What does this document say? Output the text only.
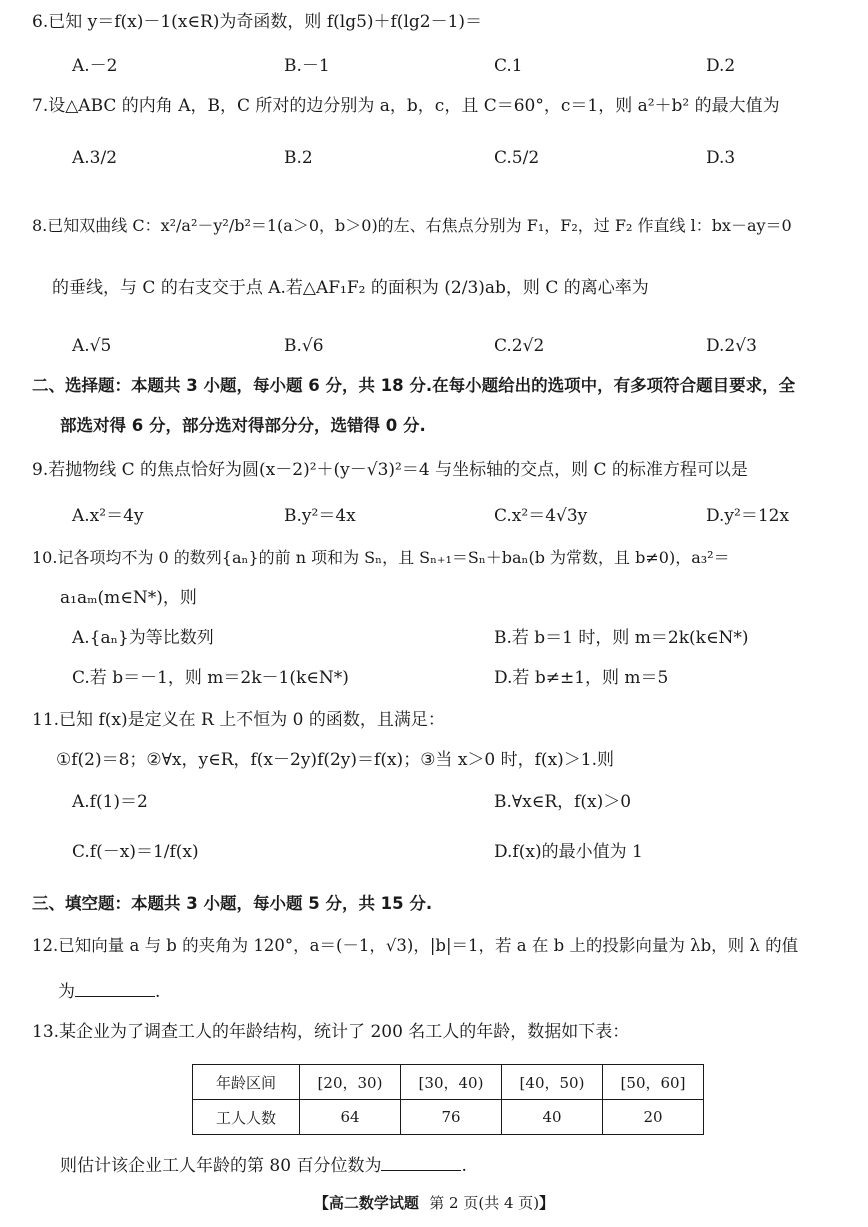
6.已知 y＝f(x)－1(x∈R)为奇函数，则 f(lg5)＋f(lg2－1)＝
A.－2	B.－1	C.1	D.2
7.设△ABC 的内角 A，B，C 所对的边分别为 a，b，c，且 C＝60°，c＝1，则 a²＋b² 的最大值为
A.3/2	B.2	C.5/2	D.3
8.已知双曲线 C：x²/a²－y²/b²＝1(a＞0，b＞0)的左、右焦点分别为 F₁，F₂，过 F₂ 作直线 l：bx－ay＝0
的垂线，与 C 的右支交于点 A.若△AF₁F₂ 的面积为 (2/3)ab，则 C 的离心率为
A.√5	B.√6	C.2√2	D.2√3
二、选择题：本题共 3 小题，每小题 6 分，共 18 分.在每小题给出的选项中，有多项符合题目要求，全
部选对得 6 分，部分选对得部分分，选错得 0 分.
9.若抛物线 C 的焦点恰好为圆(x－2)²＋(y－√3)²＝4 与坐标轴的交点，则 C 的标准方程可以是
A.x²＝4y	B.y²＝4x	C.x²＝4√3y	D.y²＝12x
10.记各项均不为 0 的数列{aₙ}的前 n 项和为 Sₙ，且 Sₙ₊₁＝Sₙ＋baₙ(b 为常数，且 b≠0)，a₃²＝
a₁aₘ(m∈N*)，则
A.{aₙ}为等比数列	B.若 b＝1 时，则 m＝2k(k∈N*)
C.若 b＝－1，则 m＝2k－1(k∈N*)	D.若 b≠±1，则 m＝5
11.已知 f(x)是定义在 R 上不恒为 0 的函数，且满足：
①f(2)＝8；②∀x，y∈R，f(x－2y)f(2y)＝f(x)；③当 x＞0 时，f(x)＞1.则
A.f(1)＝2	B.∀x∈R，f(x)＞0
C.f(－x)＝1/f(x)	D.f(x)的最小值为 1
三、填空题：本题共 3 小题，每小题 5 分，共 15 分.
12.已知向量 a 与 b 的夹角为 120°，a＝(－1，√3)，|b|＝1，若 a 在 b 上的投影向量为 λb，则 λ 的值
为	.
13.某企业为了调查工人的年龄结构，统计了 200 名工人的年龄，数据如下表：
年龄区间	[20，30)	[30，40)	[40，50)	[50，60]
工人人数	64	76	40	20
则估计该企业工人年龄的第 80 百分位数为	.
【高二数学试题 第 2 页(共 4 页)】
